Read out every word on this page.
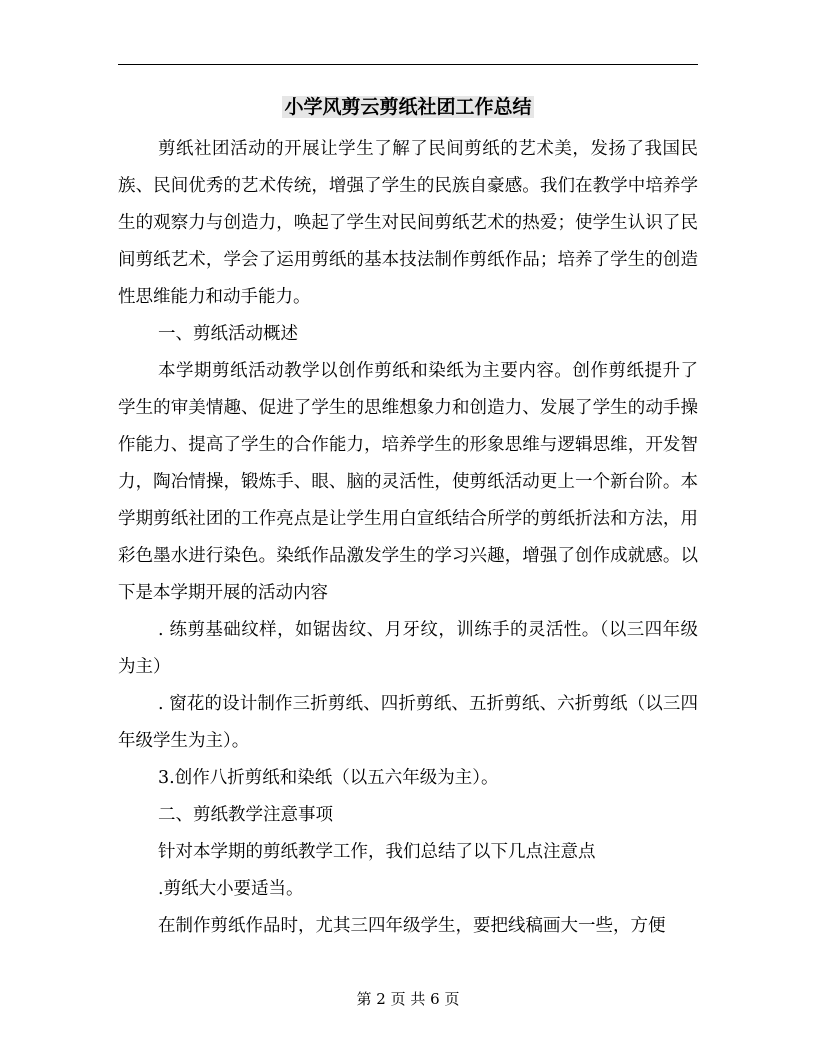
小学风剪云剪纸社团工作总结

剪纸社团活动的开展让学生了解了民间剪纸的艺术美，发扬了我国民族、民间优秀的艺术传统，增强了学生的民族自豪感。我们在教学中培养学生的观察力与创造力，唤起了学生对民间剪纸艺术的热爱；使学生认识了民间剪纸艺术，学会了运用剪纸的基本技法制作剪纸作品；培养了学生的创造性思维能力和动手能力。

一、剪纸活动概述

本学期剪纸活动教学以创作剪纸和染纸为主要内容。创作剪纸提升了学生的审美情趣、促进了学生的思维想象力和创造力、发展了学生的动手操作能力、提高了学生的合作能力，培养学生的形象思维与逻辑思维，开发智力，陶冶情操，锻炼手、眼、脑的灵活性，使剪纸活动更上一个新台阶。本学期剪纸社团的工作亮点是让学生用白宣纸结合所学的剪纸折法和方法，用彩色墨水进行染色。染纸作品激发学生的学习兴趣，增强了创作成就感。以下是本学期开展的活动内容

. 练剪基础纹样，如锯齿纹、月牙纹，训练手的灵活性。（以三四年级为主）

. 窗花的设计制作三折剪纸、四折剪纸、五折剪纸、六折剪纸（以三四年级学生为主）。

3.创作八折剪纸和染纸（以五六年级为主）。

二、剪纸教学注意事项

针对本学期的剪纸教学工作，我们总结了以下几点注意点

.剪纸大小要适当。

在制作剪纸作品时，尤其三四年级学生，要把线稿画大一些，方便

第 2 页 共 6 页
